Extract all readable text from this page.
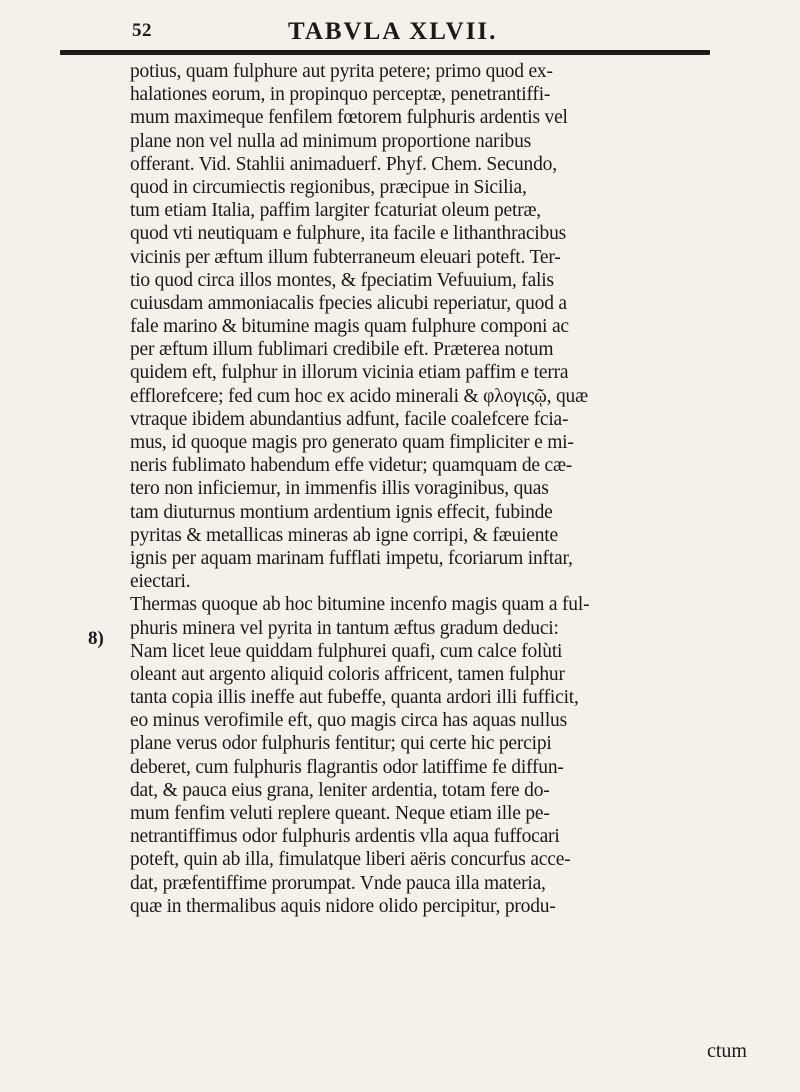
52	TABVLA XLVII.
potius, quam fulphure aut pyrita petere; primo quod ex-
halationes eorum, in propinquo perceptæ, penetrantiffi-
mum maximeque fenfilem fœtorem fulphuris ardentis vel
plane non vel nulla ad minimum proportione naribus
offerant. Vid. Stahlii animaduerf. Phyf. Chem. Secundo,
quod in circumiectis regionibus, præcipue in Sicilia,
tum etiam Italia, paffim largiter fcaturiat oleum petræ,
quod vti neutiquam e fulphure, ita facile e lithanthracibus
vicinis per æftum illum fubterraneum eleuari poteft. Ter-
tio quod circa illos montes, & fpeciatim Vefuuium, falis
cuiusdam ammoniacalis fpecies alicubi reperiatur, quod a
fale marino & bitumine magis quam fulphure componi ac
per æftum illum fublimari credibile eft. Præterea notum
quidem eft, fulphur in illorum vicinia etiam paffim e terra
efflorefcere; fed cum hoc ex acido minerali & φλογιςῷ, quæ
vtraque ibidem abundantius adfunt, facile coalefcere fcia-
mus, id quoque magis pro generato quam fimpliciter e mi-
neris fublimato habendum effe videtur; quamquam de cæ-
tero non inficiemur, in immenfis illis voraginibus, quas
tam diuturnus montium ardentium ignis effecit, fubinde
pyritas & metallicas mineras ab igne corripi, & fæuiente
ignis per aquam marinam fufflati impetu, fcoriarum inftar,
eiectari.
Thermas quoque ab hoc bitumine incenfo magis quam a ful-
phuris minera vel pyrita in tantum æftus gradum deduci:
Nam licet leue quiddam fulphurei quafi, cum calce folùti
oleant aut argento aliquid coloris affricent, tamen fulphur
tanta copia illis ineffe aut fubeffe, quanta ardori illi fufficit,
eo minus verofimile eft, quo magis circa has aquas nullus
plane verus odor fulphuris fentitur; qui certe hic percipi
deberet, cum fulphuris flagrantis odor latiffime fe diffun-
dat, & pauca eius grana, leniter ardentia, totam fere do-
mum fenfim veluti replere queant. Neque etiam ille pe-
netrantiffimus odor fulphuris ardentis vlla aqua fuffocari
poteft, quin ab illa, fimulatque liberi aëris concurfus acce-
dat, præfentiffime prorumpat. Vnde pauca illa materia,
quæ in thermalibus aquis nidore olido percipitur, produ-
8)
ctum
